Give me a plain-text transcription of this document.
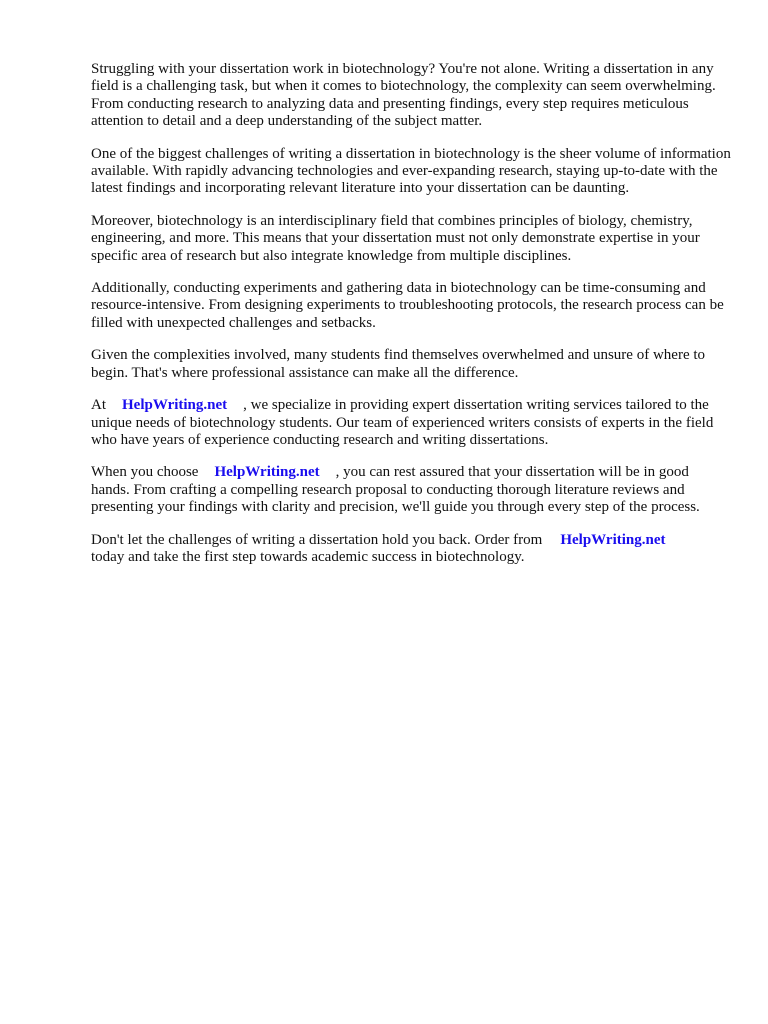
Struggling with your dissertation work in biotechnology? You're not alone. Writing a dissertation in any field is a challenging task, but when it comes to biotechnology, the complexity can seem overwhelming. From conducting research to analyzing data and presenting findings, every step requires meticulous attention to detail and a deep understanding of the subject matter.

One of the biggest challenges of writing a dissertation in biotechnology is the sheer volume of information available. With rapidly advancing technologies and ever-expanding research, staying up-to-date with the latest findings and incorporating relevant literature into your dissertation can be daunting.

Moreover, biotechnology is an interdisciplinary field that combines principles of biology, chemistry, engineering, and more. This means that your dissertation must not only demonstrate expertise in your specific area of research but also integrate knowledge from multiple disciplines.

Additionally, conducting experiments and gathering data in biotechnology can be time-consuming and resource-intensive. From designing experiments to troubleshooting protocols, the research process can be filled with unexpected challenges and setbacks.

Given the complexities involved, many students find themselves overwhelmed and unsure of where to begin. That's where professional assistance can make all the difference.

At HelpWriting.net , we specialize in providing expert dissertation writing services tailored to the unique needs of biotechnology students. Our team of experienced writers consists of experts in the field who have years of experience conducting research and writing dissertations.

When you choose HelpWriting.net , you can rest assured that your dissertation will be in good hands. From crafting a compelling research proposal to conducting thorough literature reviews and presenting your findings with clarity and precision, we'll guide you through every step of the process.

Don't let the challenges of writing a dissertation hold you back. Order from HelpWriting.net
today and take the first step towards academic success in biotechnology.
